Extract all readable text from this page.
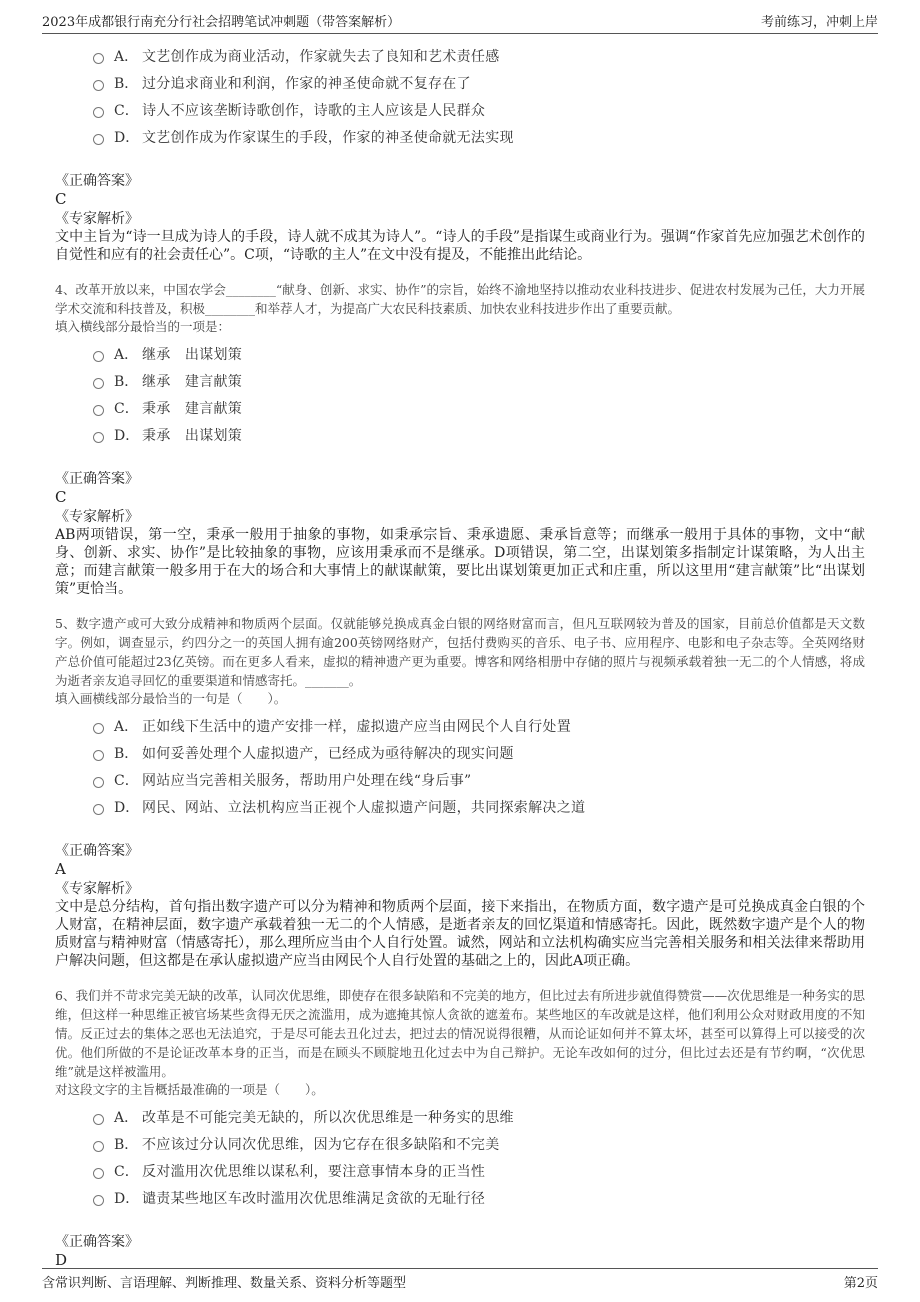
2023年成都银行南充分行社会招聘笔试冲刺题（带答案解析）	考前练习，冲刺上岸
A． 文艺创作成为商业活动，作家就失去了良知和艺术责任感
B． 过分追求商业和利润，作家的神圣使命就不复存在了
C． 诗人不应该垄断诗歌创作，诗歌的主人应该是人民群众
D． 文艺创作成为作家谋生的手段，作家的神圣使命就无法实现
《正确答案》
C
《专家解析》
文中主旨为“诗一旦成为诗人的手段，诗人就不成其为诗人”。“诗人的手段”是指谋生或商业行为。强调“作家首先应加强艺术创作的自觉性和应有的社会责任心”。C项，“诗歌的主人”在文中没有提及，不能推出此结论。
4、改革开放以来，中国农学会________“献身、创新、求实、协作”的宗旨，始终不渝地坚持以推动农业科技进步、促进农村发展为己任，大力开展学术交流和科技普及，积极________和举荐人才，为提高广大农民科技素质、加快农业科技进步作出了重要贡献。
填入横线部分最恰当的一项是：
A． 继承　出谋划策
B． 继承　建言献策
C． 秉承　建言献策
D． 秉承　出谋划策
《正确答案》
C
《专家解析》
AB两项错误，第一空，秉承一般用于抽象的事物，如秉承宗旨、秉承遗愿、秉承旨意等；而继承一般用于具体的事物，文中“献身、创新、求实、协作”是比较抽象的事物，应该用秉承而不是继承。D项错误，第二空，出谋划策多指制定计谋策略，为人出主意；而建言献策一般多用于在大的场合和大事情上的献谋献策，要比出谋划策更加正式和庄重，所以这里用“建言献策”比“出谋划策”更恰当。
5、数字遗产或可大致分成精神和物质两个层面。仅就能够兑换成真金白银的网络财富而言，但凡互联网较为普及的国家，目前总价值都是天文数字。例如，调查显示，约四分之一的英国人拥有逾200英镑网络财产，包括付费购买的音乐、电子书、应用程序、电影和电子杂志等。全英网络财产总价值可能超过23亿英镑。而在更多人看来，虚拟的精神遗产更为重要。博客和网络相册中存储的照片与视频承载着独一无二的个人情感，将成为逝者亲友追寻回忆的重要渠道和情感寄托。_______。
填入画横线部分最恰当的一句是（　　）。
A． 正如线下生活中的遗产安排一样，虚拟遗产应当由网民个人自行处置
B． 如何妥善处理个人虚拟遗产，已经成为亟待解决的现实问题
C． 网站应当完善相关服务，帮助用户处理在线“身后事”
D． 网民、网站、立法机构应当正视个人虚拟遗产问题，共同探索解决之道
《正确答案》
A
《专家解析》
文中是总分结构，首句指出数字遗产可以分为精神和物质两个层面，接下来指出，在物质方面，数字遗产是可兑换成真金白银的个人财富，在精神层面，数字遗产承载着独一无二的个人情感，是逝者亲友的回忆渠道和情感寄托。因此，既然数字遗产是个人的物质财富与精神财富（情感寄托），那么理所应当由个人自行处置。诚然，网站和立法机构确实应当完善相关服务和相关法律来帮助用户解决问题，但这都是在承认虚拟遗产应当由网民个人自行处置的基础之上的，因此A项正确。
6、我们并不苛求完美无缺的改革，认同次优思维，即使存在很多缺陷和不完美的地方，但比过去有所进步就值得赞赏——次优思维是一种务实的思维，但这样一种思维正被官场某些贪得无厌之流滥用，成为遮掩其惊人贪欲的遮羞布。某些地区的车改就是这样，他们利用公众对财政用度的不知情。反正过去的集体之恶也无法追究，于是尽可能去丑化过去，把过去的情况说得很糟，从而论证如何并不算太坏，甚至可以算得上可以接受的次优。他们所做的不是论证改革本身的正当，而是在顾头不顾腚地丑化过去中为自己辩护。无论车改如何的过分，但比过去还是有节约啊，“次优思维”就是这样被滥用。
对这段文字的主旨概括最准确的一项是（　　）。
A． 改革是不可能完美无缺的，所以次优思维是一种务实的思维
B． 不应该过分认同次优思维，因为它存在很多缺陷和不完美
C． 反对滥用次优思维以谋私利，要注意事情本身的正当性
D． 谴责某些地区车改时滥用次优思维满足贪欲的无耻行径
《正确答案》
D
含常识判断、言语理解、判断推理、数量关系、资料分析等题型	第2页
